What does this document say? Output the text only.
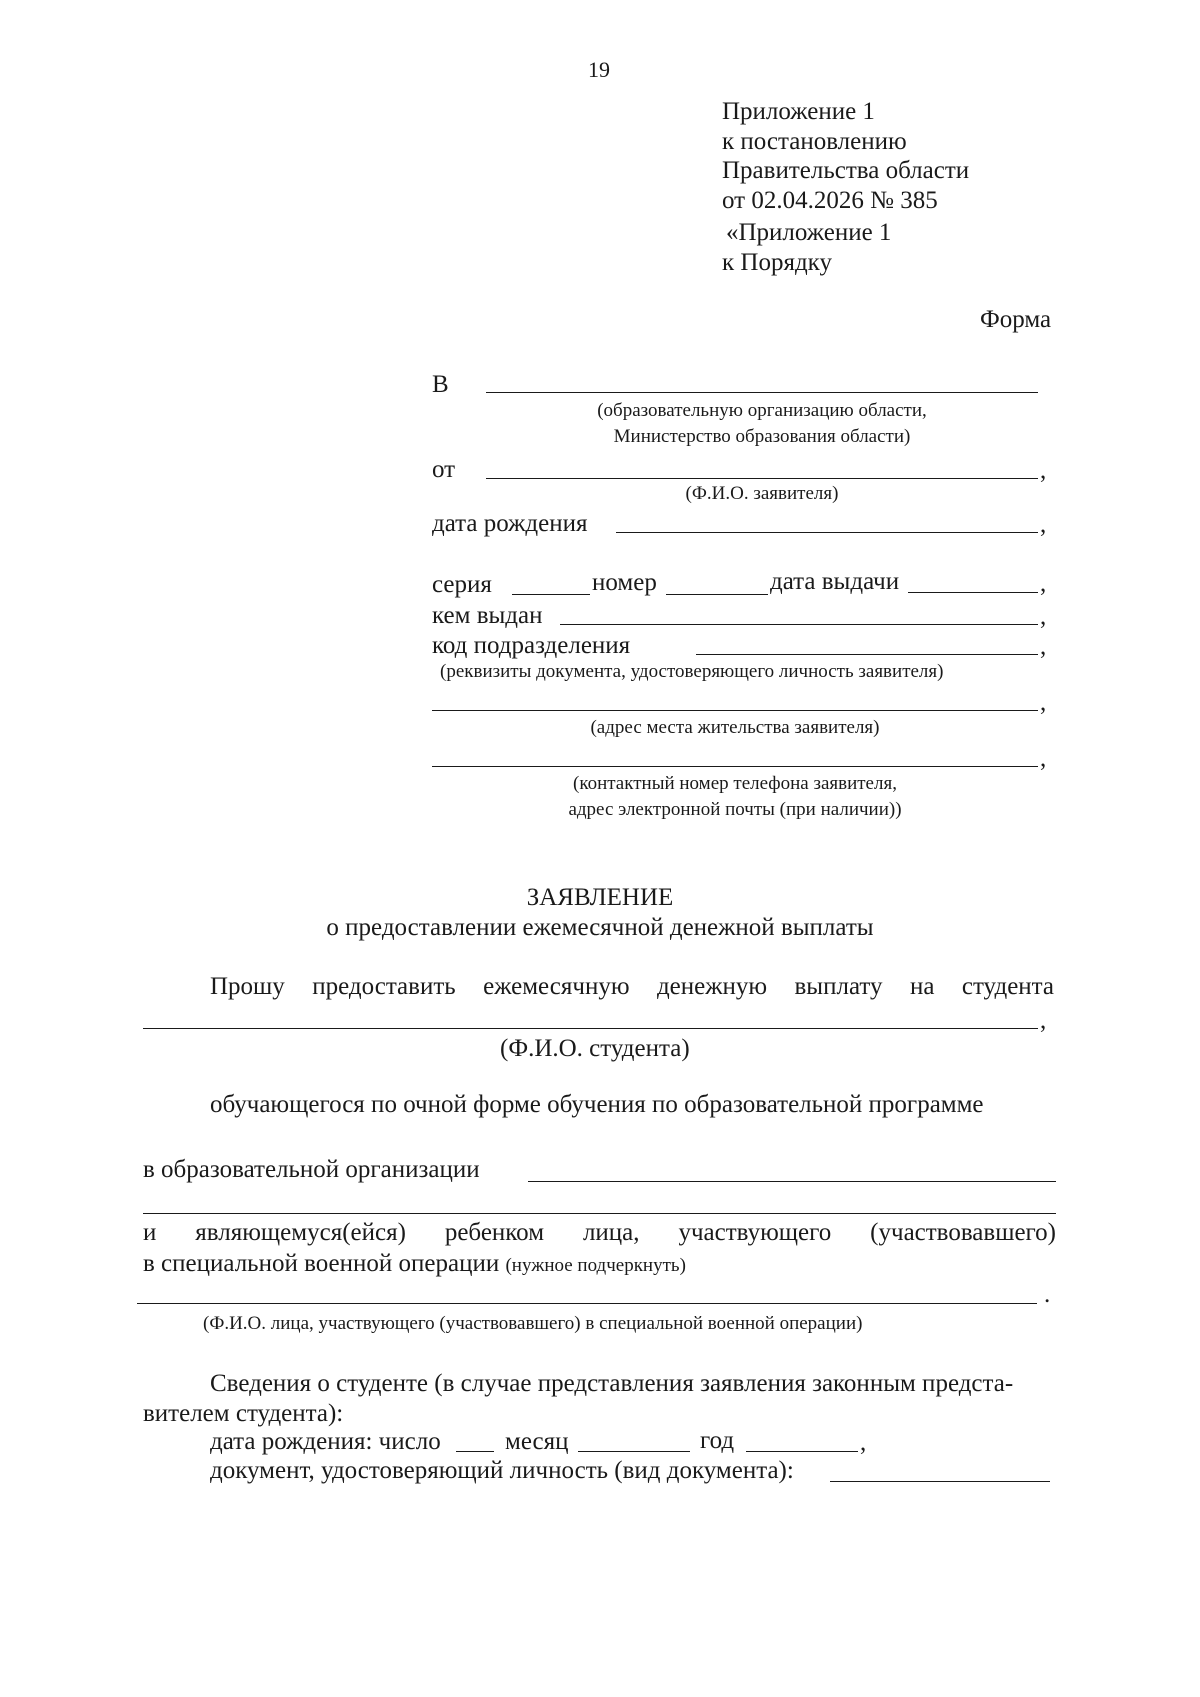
19
Приложение 1
к постановлению
Правительства области
от 02.04.2026 № 385
«Приложение 1
к Порядку
Форма
В
(образовательную организацию области,
Министерство образования области)
от	,
(Ф.И.О. заявителя)
дата рождения	,
серия	номер	дата выдачи	,
кем выдан	,
код подразделения	,
(реквизиты документа, удостоверяющего личность заявителя)
,
(адрес места жительства заявителя)
,
(контактный номер телефона заявителя,
адрес электронной почты (при наличии))
ЗАЯВЛЕНИЕ
о предоставлении ежемесячной денежной выплаты
Прошу предоставить ежемесячную денежную выплату на студента
,
(Ф.И.О. студента)
обучающегося по очной форме обучения по образовательной программе
в образовательной организации
и являющемуся(ейся) ребенком лица, участвующего (участвовавшего)
в специальной военной операции (нужное подчеркнуть)
.
(Ф.И.О. лица, участвующего (участвовавшего) в специальной военной операции)
Сведения о студенте (в случае представления заявления законным предста-
вителем студента):
дата рождения: число	месяц	год	,
документ, удостоверяющий личность (вид документа):
